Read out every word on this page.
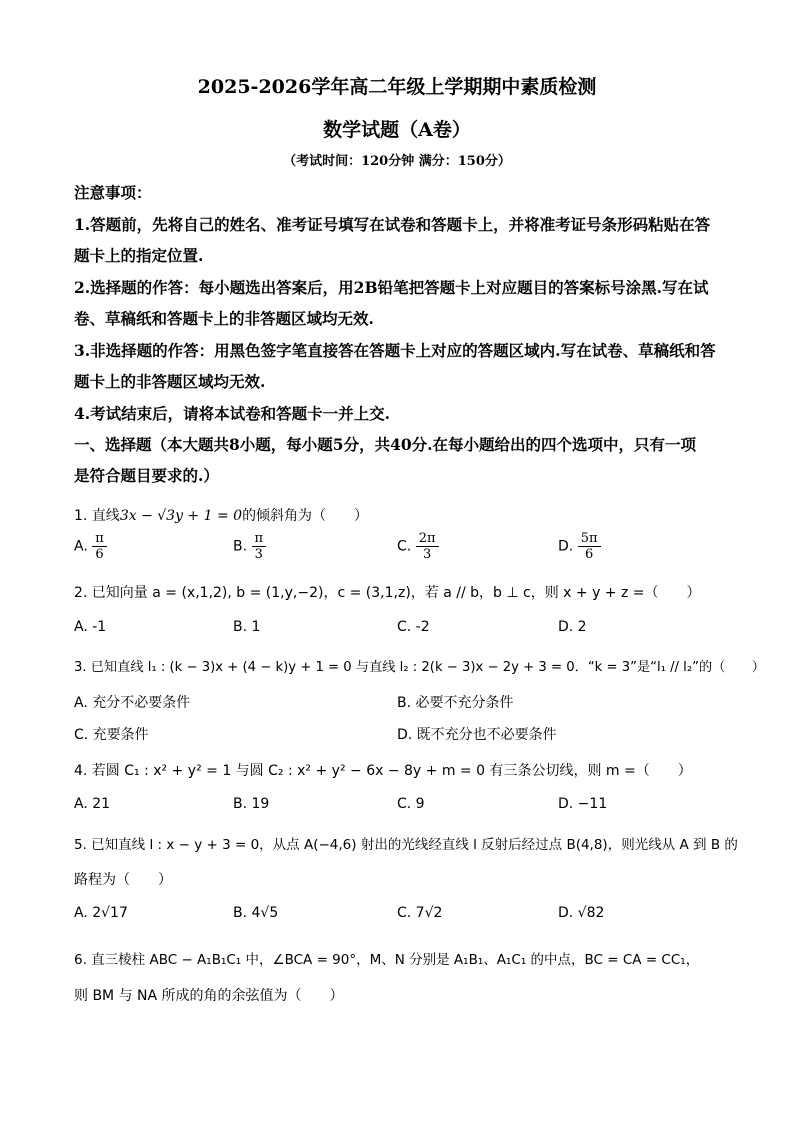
2025-2026学年高二年级上学期期中素质检测
数学试题（A卷）
（考试时间：120分钟 满分：150分）
注意事项：
1.答题前，先将自己的姓名、准考证号填写在试卷和答题卡上，并将准考证号条形码粘贴在答
题卡上的指定位置.
2.选择题的作答：每小题选出答案后，用2B铅笔把答题卡上对应题目的答案标号涂黑.写在试
卷、草稿纸和答题卡上的非答题区域均无效.
3.非选择题的作答：用黑色签字笔直接答在答题卡上对应的答题区域内.写在试卷、草稿纸和答
题卡上的非答题区域均无效.
4.考试结束后，请将本试卷和答题卡一并上交.
一、选择题（本大题共8小题，每小题5分，共40分.在每小题给出的四个选项中，只有一项
是符合题目要求的.）
1. 直线3x − √3y + 1 = 0的倾斜角为（　　）
A. $\frac{\pi}{6}$	B. $\frac{\pi}{3}$	C. $\frac{2\pi}{3}$	D. $\frac{5\pi}{6}$
2. 已知向量 a = (x,1,2), b = (1,y,−2)，c = (3,1,z)，若 a // b，b ⊥ c，则 x + y + z =（　　）
A. -1	B. 1	C. -2	D. 2
3. 已知直线 l₁ : (k − 3)x + (4 − k)y + 1 = 0 与直线 l₂ : 2(k − 3)x − 2y + 3 = 0．“k = 3”是“l₁ // l₂”的（　　）
A. 充分不必要条件	B. 必要不充分条件
C. 充要条件	D. 既不充分也不必要条件
4. 若圆 C₁ : x² + y² = 1 与圆 C₂ : x² + y² − 6x − 8y + m = 0 有三条公切线，则 m =（　　）
A. 21	B. 19	C. 9	D. −11
5. 已知直线 l : x − y + 3 = 0，从点 A(−4,6) 射出的光线经直线 l 反射后经过点 B(4,8)，则光线从 A 到 B 的
路程为（　　）
A. 2√17	B. 4√5	C. 7√2	D. √82
6. 直三棱柱 ABC − A₁B₁C₁ 中，∠BCA = 90°，M、N 分别是 A₁B₁、A₁C₁ 的中点，BC = CA = CC₁，
则 BM 与 NA 所成的角的余弦值为（　　）
